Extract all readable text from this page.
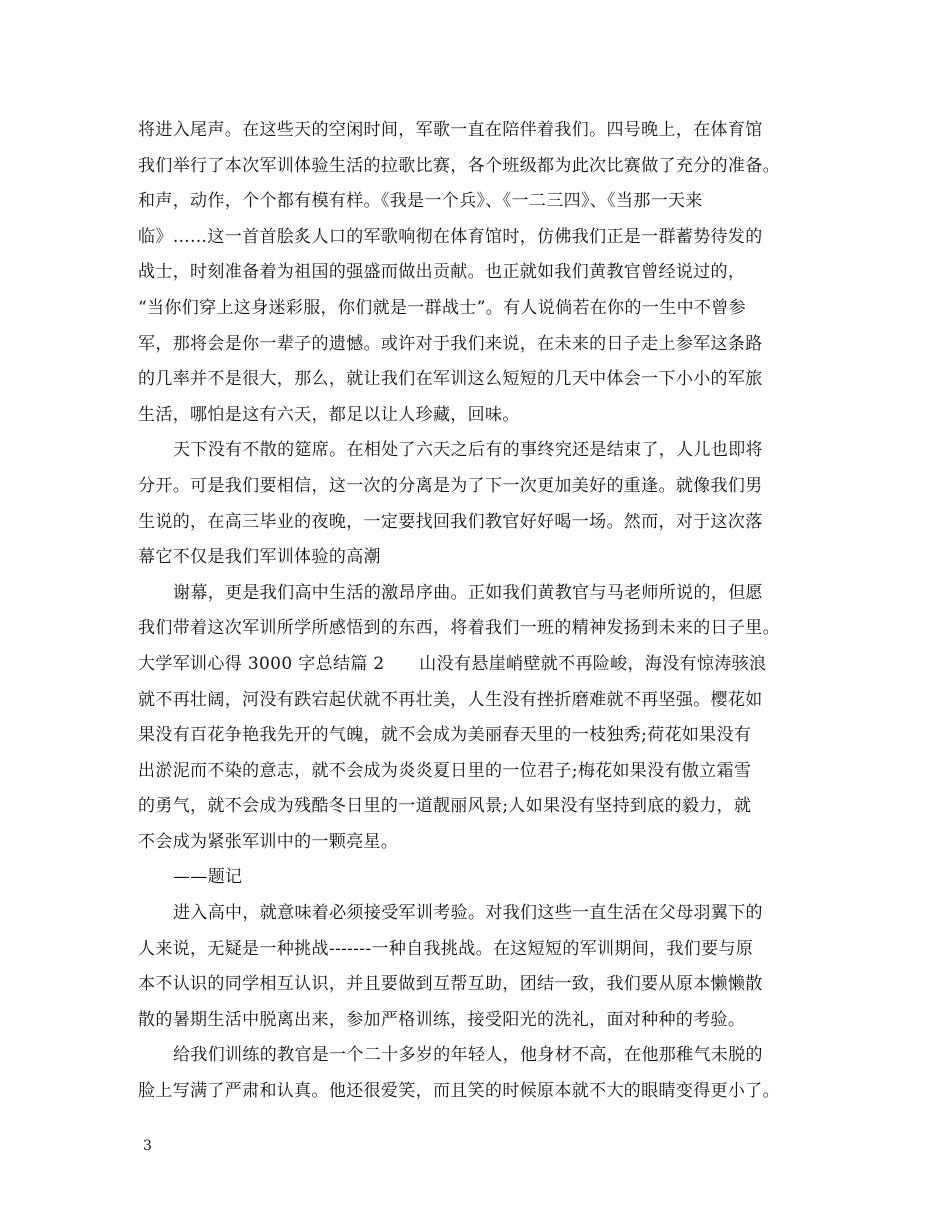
将进入尾声。在这些天的空闲时间，军歌一直在陪伴着我们。四号晚上，在体育馆
我们举行了本次军训体验生活的拉歌比赛，各个班级都为此次比赛做了充分的准备。
和声，动作，个个都有模有样。《我是一个兵》、《一二三四》、《当那一天来
临》……这一首首脍炙人口的军歌响彻在体育馆时，仿佛我们正是一群蓄势待发的
战士，时刻准备着为祖国的强盛而做出贡献。也正就如我们黄教官曾经说过的，
“当你们穿上这身迷彩服，你们就是一群战士”。有人说倘若在你的一生中不曾参
军，那将会是你一辈子的遗憾。或许对于我们来说，在未来的日子走上参军这条路
的几率并不是很大，那么，就让我们在军训这么短短的几天中体会一下小小的军旅
生活，哪怕是这有六天，都足以让人珍藏，回味。
天下没有不散的筵席。在相处了六天之后有的事终究还是结束了，人儿也即将
分开。可是我们要相信，这一次的分离是为了下一次更加美好的重逢。就像我们男
生说的，在高三毕业的夜晚，一定要找回我们教官好好喝一场。然而，对于这次落
幕它不仅是我们军训体验的高潮
谢幕，更是我们高中生活的激昂序曲。正如我们黄教官与马老师所说的，但愿
我们带着这次军训所学所感悟到的东西，将着我们一班的精神发扬到未来的日子里。
大学军训心得 3000 字总结篇 2　　山没有悬崖峭壁就不再险峻，海没有惊涛骇浪
就不再壮阔，河没有跌宕起伏就不再壮美，人生没有挫折磨难就不再坚强。樱花如
果没有百花争艳我先开的气魄，就不会成为美丽春天里的一枝独秀;荷花如果没有
出淤泥而不染的意志，就不会成为炎炎夏日里的一位君子;梅花如果没有傲立霜雪
的勇气，就不会成为残酷冬日里的一道靓丽风景;人如果没有坚持到底的毅力，就
不会成为紧张军训中的一颗亮星。
——题记
进入高中，就意味着必须接受军训考验。对我们这些一直生活在父母羽翼下的
人来说，无疑是一种挑战-------一种自我挑战。在这短短的军训期间，我们要与原
本不认识的同学相互认识，并且要做到互帮互助，团结一致，我们要从原本懒懒散
散的暑期生活中脱离出来，参加严格训练，接受阳光的洗礼，面对种种的考验。
给我们训练的教官是一个二十多岁的年轻人，他身材不高，在他那稚气未脱的
脸上写满了严肃和认真。他还很爱笑，而且笑的时候原本就不大的眼睛变得更小了。
3
